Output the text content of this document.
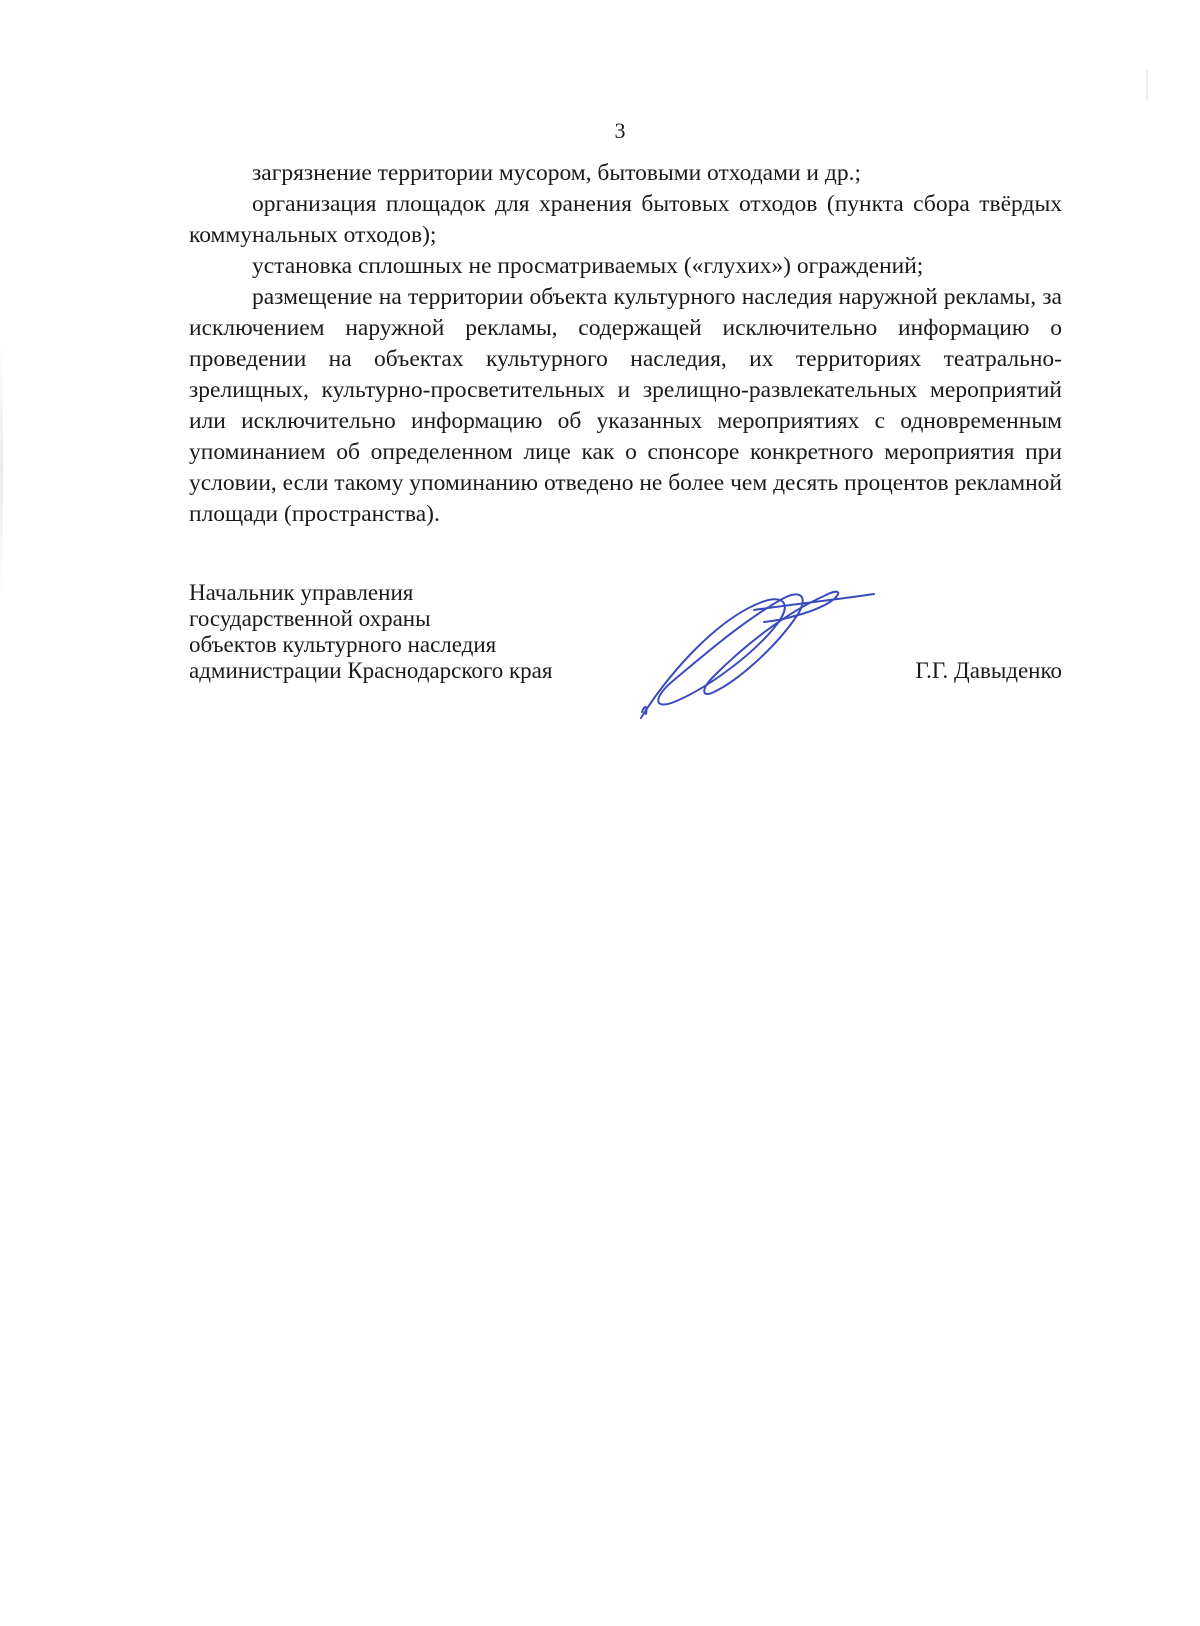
3

загрязнение территории мусором, бытовыми отходами и др.;

организация площадок для хранения бытовых отходов (пункта сбора твёрдых коммунальных отходов);

установка сплошных не просматриваемых («глухих») ограждений;

размещение на территории объекта культурного наследия наружной рекламы, за исключением наружной рекламы, содержащей исключительно информацию о проведении на объектах культурного наследия, их территориях театрально-зрелищных, культурно-просветительных и зрелищно-развлекательных мероприятий или исключительно информацию об указанных мероприятиях с одновременным упоминанием об определенном лице как о спонсоре конкретного мероприятия при условии, если такому упоминанию отведено не более чем десять процентов рекламной площади (пространства).

Начальник управления
государственной охраны
объектов культурного наследия
администрации Краснодарского края	Г.Г. Давыденко
